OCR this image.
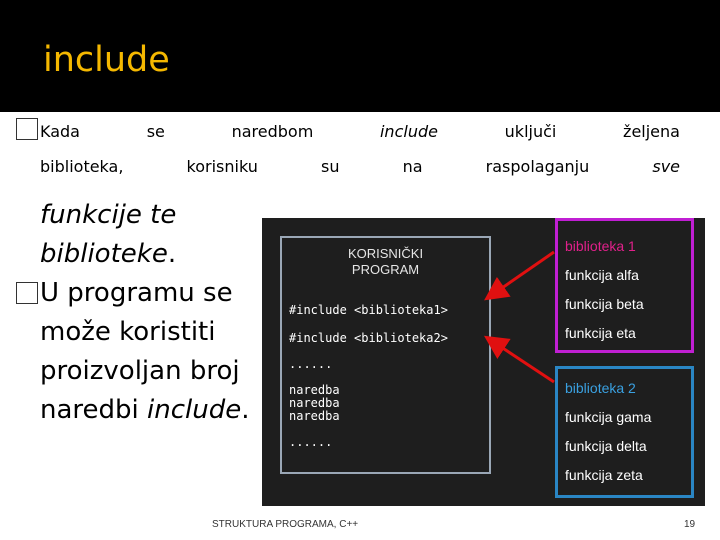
include
Kada	se	naredbom	include	uključi	željena
biblioteka,	korisniku	su	na	raspolaganju	sve
funkcije te
biblioteke.
U programu se
može koristiti
proizvoljan broj
naredbi include.
KORISNIČKI
PROGRAM
#include <biblioteka1>
#include <biblioteka2>
......
naredba
naredba
naredba
......
biblioteka 1
funkcija alfa
funkcija beta
funkcija eta
biblioteka 2
funkcija gama
funkcija delta
funkcija zeta
STRUKTURA PROGRAMA, C++	19
